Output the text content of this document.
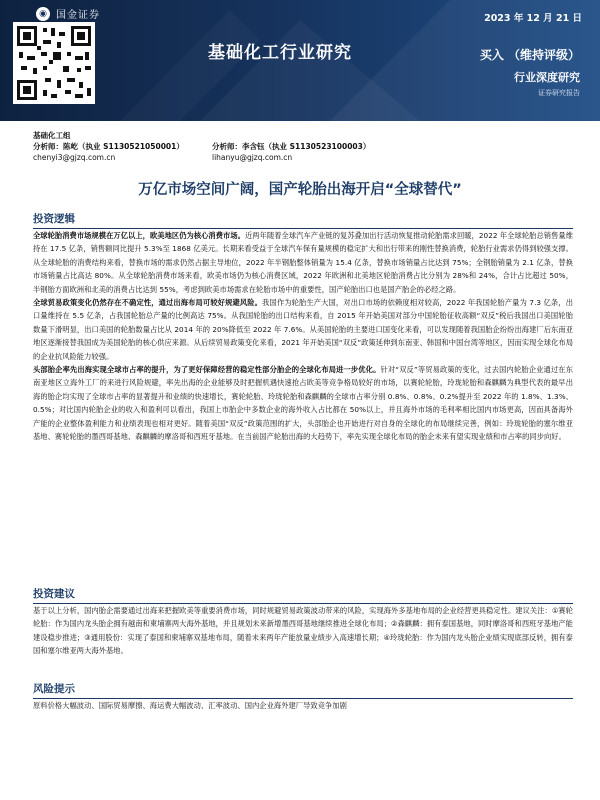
◉ 国金证券	2023 年 12 月 21 日
基础化工行业研究	买入 （维持评级）
行业深度研究
证券研究报告
基础化工组
分析师：陈屹（执业 S1130521050001）
chenyi3@gjzq.com.cn
分析师：李含钰（执业 S1130523100003）
lihanyu@gjzq.com.cn
万亿市场空间广阔，国产轮胎出海开启“全球替代”
投资逻辑

全球轮胎消费市场规模在万亿以上，欧美地区仍为核心消费市场。近两年随着全球汽车产业链的复苏叠加出行活动恢复推动轮胎需求回暖，2022 年全球轮胎总销售量维持在 17.5 亿条，销售额同比提升 5.3%至 1868 亿美元。长期来看受益于全球汽车保有量规模的稳定扩大和出行带来的刚性替换消费，轮胎行业需求仍得到较强支撑。从全球轮胎的消费结构来看，替换市场的需求仍然占据主导地位，2022 年半钢胎整体销量为 15.4 亿条，替换市场销量占比达到 75%；全钢胎销量为 2.1 亿条，替换市场销量占比高达 80%。从全球轮胎消费市场来看，欧美市场仍为核心消费区域，2022 年欧洲和北美地区轮胎消费占比分别为 28%和 24%，合计占比超过 50%，半钢胎方面欧洲和北美的消费占比达到 55%，考虑到欧美市场需求在轮胎市场中的重要性，国产轮胎出口也是国产胎企的必经之路。

全球贸易政策变化仍然存在不确定性，通过出海布局可较好规避风险。我国作为轮胎生产大国，对出口市场的依赖度相对较高，2022 年我国轮胎产量为 7.3 亿条，出口量维持在 5.5 亿条，占我国轮胎总产量的比例高达 75%。从我国轮胎的出口结构来看，自 2015 年开始美国对部分中国轮胎征收高额“双反”税后我国出口美国轮胎数量下滑明显，出口美国的轮胎数量占比从 2014 年的 20%降低至 2022 年 7.6%。从美国轮胎的主要进口国变化来看，可以发现随着我国胎企纷纷出海建厂后东南亚地区逐渐接替我国成为美国轮胎的核心供应来源。从后续贸易政策变化来看，2021 年开始美国“双反”政策延伸到东南亚、韩国和中国台湾等地区，因而实现全球化布局的企业抗风险能力较强。

头部胎企率先出海实现全球市占率的提升，为了更好保障经营的稳定性部分胎企的全球化布局进一步优化。针对“双反”等贸易政策的变化，过去国内轮胎企业通过在东南亚地区立海外工厂的来进行风险规避，率先出海的企业能够及时把握机遇快速抢占欧美等竞争格局较好的市场，以赛轮轮胎，玲珑轮胎和森麒麟为典型代表的最早出海的胎企均实现了全球市占率的显著提升和业绩的快速增长，赛轮轮胎、玲珑轮胎和森麒麟的全球市占率分别 0.8%、0.8%、0.2%提升至 2022 年的 1.8%、1.3%、0.5%；对比国内轮胎企业的收入和盈利可以看出，我国上市胎企中多数企业的海外收入占比都在 50%以上，并且海外市场的毛利率相比国内市场更高，因而具备海外产能的企业整体盈利能力和业绩表现也相对更好。随着美国“双反”政策范围的扩大，头部胎企也开始进行对自身的全球化的布局继续完善，例如：玲珑轮胎的塞尔维亚基地、赛轮轮胎的墨西哥基地、森麒麟的摩洛哥和西班牙基地。在当前国产轮胎出海的大趋势下，率先实现全球化布局的胎企未来有望实现业绩和市占率的同步向好。

投资建议

基于以上分析，国内胎企需要通过出海来把握欧美等重要消费市场，同时规避贸易政策波动带来的风险，实现海外多基地布局的企业经营更具稳定性。建议关注：①赛轮轮胎：作为国内龙头胎企拥有越南和柬埔寨两大海外基地，并且规划未来新增墨西哥基地继续推进全球化布局；②森麒麟：拥有泰国基地，同时摩洛哥和西班牙基地产能建设稳步推进；③通用股份：实现了泰国和柬埔寨双基地布局，随着未来两年产能放量业绩步入高速增长期；④玲珑轮胎：作为国内龙头胎企业绩实现底部反转，拥有泰国和塞尔维亚两大海外基地。

风险提示

原料价格大幅波动、国际贸易摩擦、海运费大幅波动、汇率波动、国内企业海外建厂导致竞争加剧
